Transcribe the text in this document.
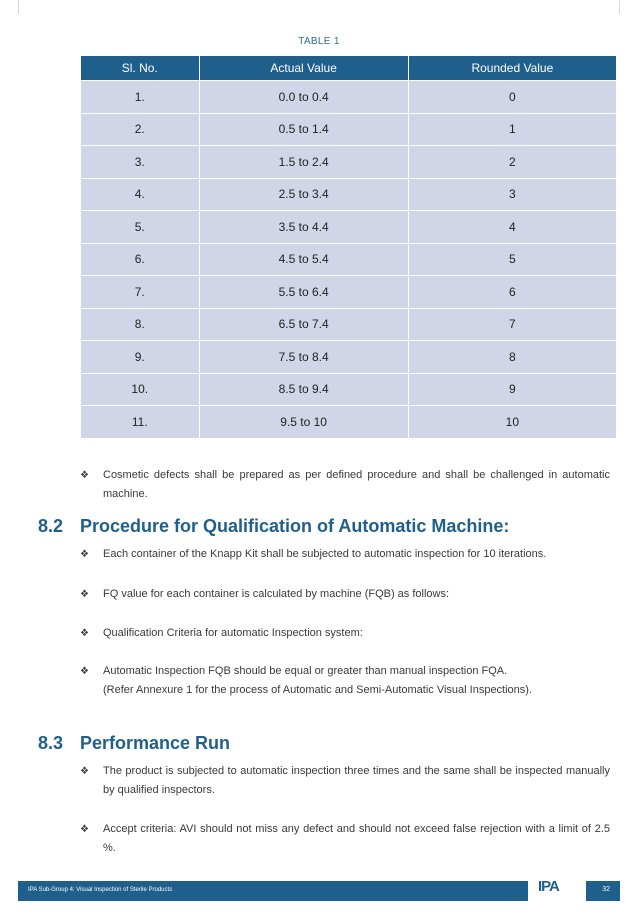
TABLE 1
Sl. No.	Actual Value	Rounded Value
1.	0.0 to 0.4	0
2.	0.5 to 1.4	1
3.	1.5 to 2.4	2
4.	2.5 to 3.4	3
5.	3.5 to 4.4	4
6.	4.5 to 5.4	5
7.	5.5 to 6.4	6
8.	6.5 to 7.4	7
9.	7.5 to 8.4	8
10.	8.5 to 9.4	9
11.	9.5 to 10	10
❖	Cosmetic defects shall be prepared as per defined procedure and shall be challenged in automatic machine.
8.2 Procedure for Qualification of Automatic Machine:
❖	Each container of the Knapp Kit shall be subjected to automatic inspection for 10 iterations.
❖	FQ value for each container is calculated by machine (FQB) as follows:
❖	Qualification Criteria for automatic Inspection system:
❖	Automatic Inspection FQB should be equal or greater than manual inspection FQA.
(Refer Annexure 1 for the process of Automatic and Semi-Automatic Visual Inspections).
8.3 Performance Run
❖	The product is subjected to automatic inspection three times and the same shall be inspected manually by qualified inspectors.
❖	Accept criteria: AVI should not miss any defect and should not exceed false rejection with a limit of 2.5 %.
IPA Sub-Group 4: Visual Inspection of Sterile Products	IPA	32
